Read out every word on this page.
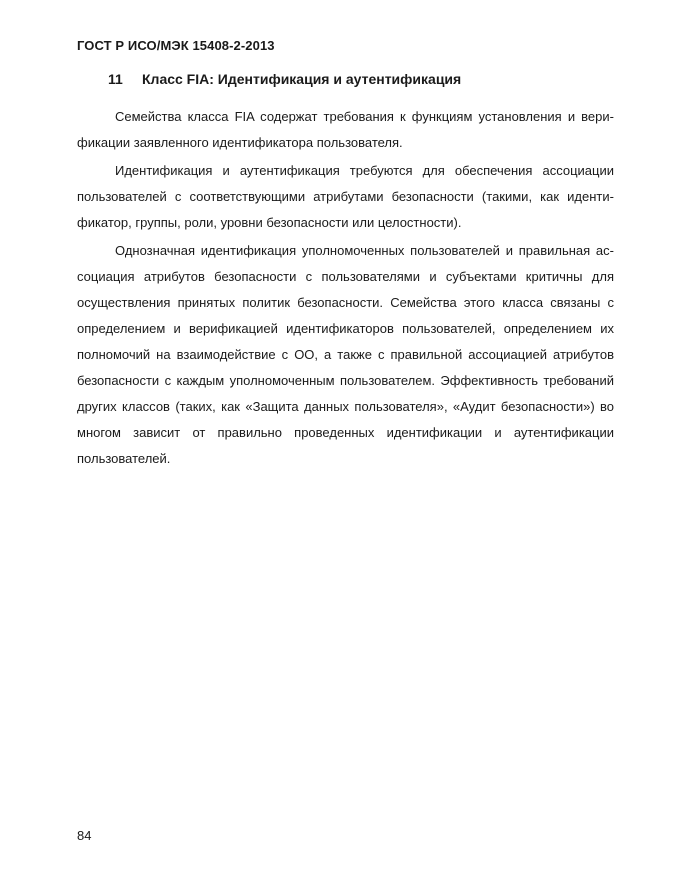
ГОСТ Р ИСО/МЭК 15408-2-2013
11 Класс FIA: Идентификация и аутентификация

Семейства класса FIA содержат требования к функциям установления и верификации заявленного идентификатора пользователя.

Идентификация и аутентификация требуются для обеспечения ассоциации пользователей с соответствующими атрибутами безопасности (такими, как идентификатор, группы, роли, уровни безопасности или целостности).

Однозначная идентификация уполномоченных пользователей и правильная ассоциация атрибутов безопасности с пользователями и субъектами критичны для осуществления принятых политик безопасности. Семейства этого класса связаны с определением и верификацией идентификаторов пользователей, определением их полномочий на взаимодействие с ОО, а также с правильной ассоциацией атрибутов безопасности с каждым уполномоченным пользователем. Эффективность требований других классов (таких, как «Защита данных пользователя», «Аудит безопасности») во многом зависит от правильно проведенных идентификации и аутентификации пользователей.

84
